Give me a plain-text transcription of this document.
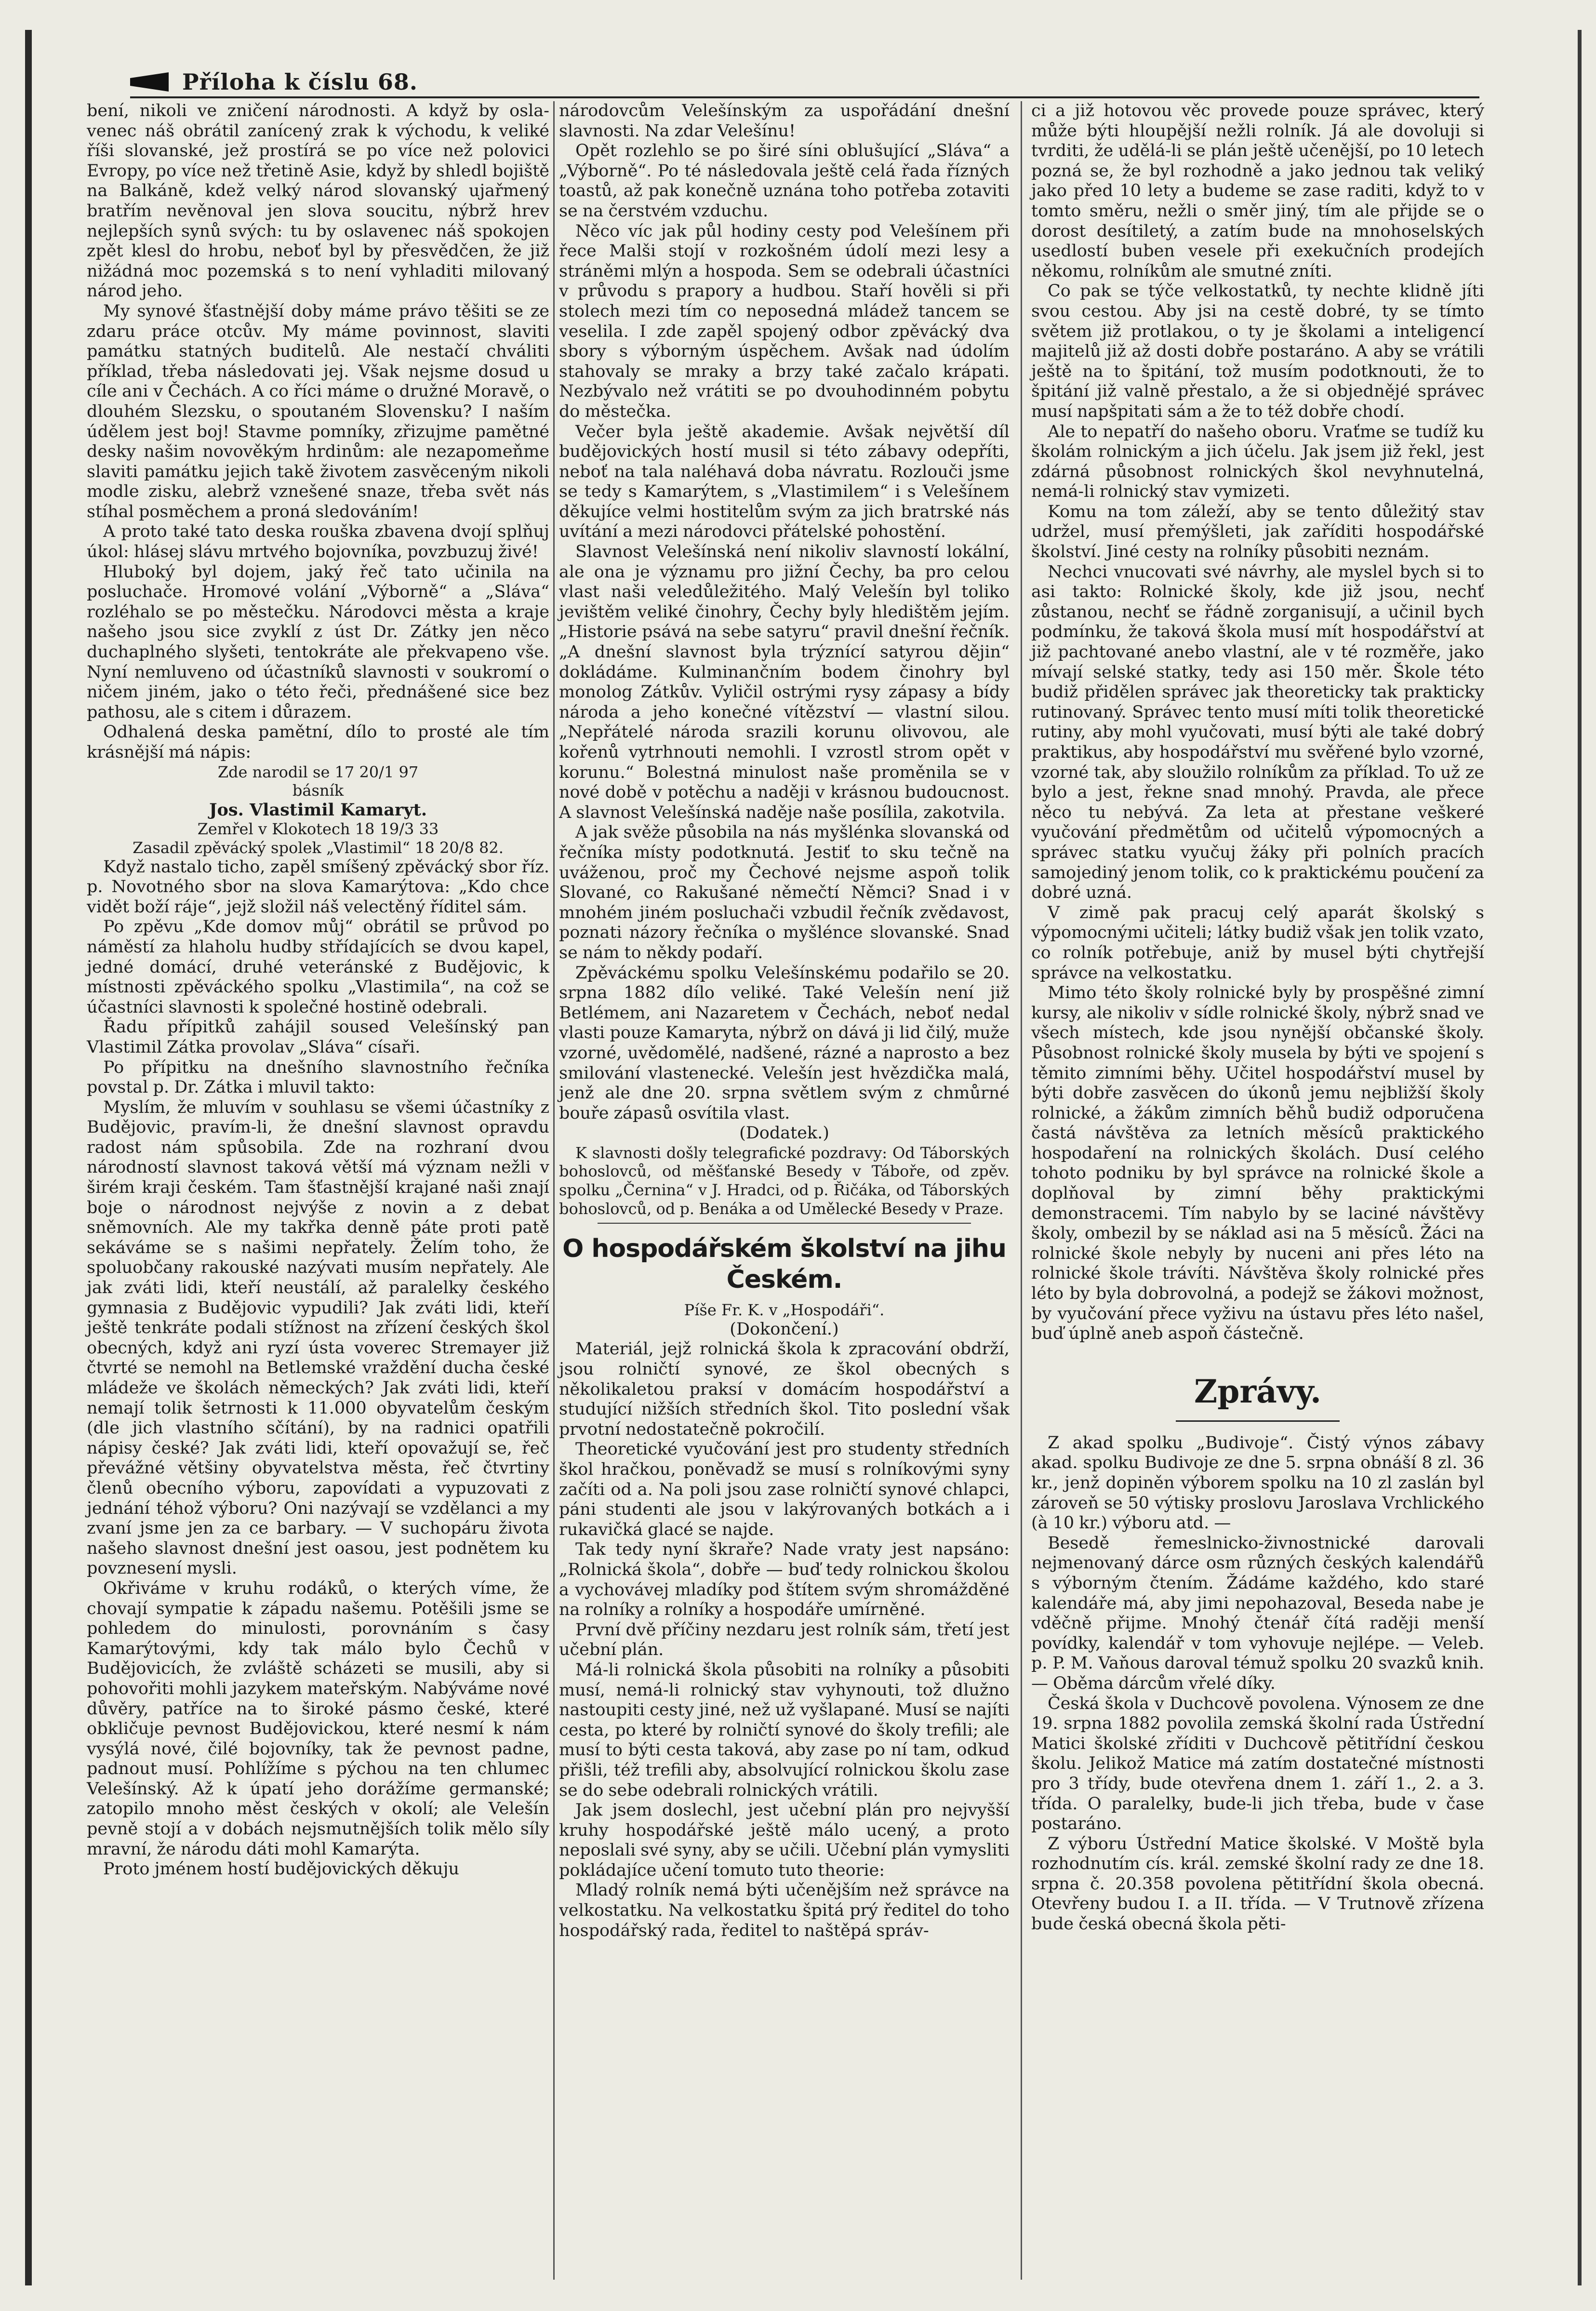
Příloha k číslu 68.

bení, nikoli ve zničení národnosti. A když by osla- venec náš obrátil zanícený zrak k východu, k veliké říši slovanské, jež prostírá se po více než polovici Evropy, po více než třetině Asie, když by shledl bojiště na Balkáně, kdež velký národ slovanský ujařmený bratřím nevěnoval jen slova soucitu, nýbrž hrev nejlepších synů svých: tu by oslavenec náš spokojen zpět klesl do hrobu, neboť byl by přesvědčen, že již nižádná moc pozemská s to není vyhladiti milovaný národ jeho.

My synové šťastnější doby máme právo těšiti se ze zdaru práce otcův. My máme povinnost, slaviti památku statných buditelů. Ale nestačí chváliti příklad, třeba následovati jej. Však nejsme dosud u cíle ani v Čechách. A co říci máme o družné Moravě, o dlouhém Slezsku, o spoutaném Slovensku? I naším údělem jest boj! Stavme pomníky, zřizujme pamětné desky našim novověkým hrdinům: ale nezapomeňme slaviti památku jejich takě životem zasvěceným nikoli modle zisku, alebrž vznešené snaze, třeba svět nás stíhal posměchem a proná sledováním!

A proto také tato deska rouška zbavena dvojí splňuj úkol: hlásej slávu mrtvého bojovníka, povzbuzuj živé!

Hluboký byl dojem, jaký řeč tato učinila na posluchače. Hromové volání „Výborně“ a „Sláva“ rozléhalo se po městečku. Národovci města a kraje našeho jsou sice zvyklí z úst Dr. Zátky jen něco duchaplného slyšeti, tentokráte ale překvapeno vše. Nyní nemluveno od účastníků slavnosti v soukromí o ničem jiném, jako o této řeči, přednášené sice bez pathosu, ale s citem i důrazem.

Odhalená deska pamětní, dílo to prosté ale tím krásnější má nápis:

Zde narodil se 17 20/1 97

básník

Jos. Vlastimil Kamaryt.

Zemřel v Klokotech 18 19/3 33

Zasadil zpěvácký spolek „Vlastimil“ 18 20/8 82.

Když nastalo ticho, zapěl smíšený zpěvácký sbor říz. p. Novotného sbor na slova Kamarýtova: „Kdo chce vidět boží ráje“, jejž složil náš velectěný říditel sám.

Po zpěvu „Kde domov můj“ obrátil se průvod po náměstí za hlaholu hudby střídajících se dvou kapel, jedné domácí, druhé veteránské z Budějovic, k místnosti zpěváckého spolku „Vlastimila“, na což se účastníci slavnosti k společné hostině odebrali.

Řadu přípitků zahájil soused Velešínský pan Vlastimil Zátka provolav „Sláva“ císaři.

Po přípitku na dnešního slavnostního řečníka povstal p. Dr. Zátka i mluvil takto:

Myslím, že mluvím v souhlasu se všemi účastníky z Budějovic, pravím-li, že dnešní slavnost opravdu radost nám spůsobila. Zde na rozhraní dvou národností slavnost taková větší má význam nežli v širém kraji českém. Tam šťastnější krajané naši znají boje o národnost nejvýše z novin a z debat sněmovních. Ale my takřka denně páte proti patě sekáváme se s našimi nepřately. Želím toho, že spoluobčany rakouské nazývati musím nepřately. Ale jak zváti lidi, kteří neustálí, až paralelky českého gymnasia z Budějovic vypudili? Jak zváti lidi, kteří ještě tenkráte podali stížnost na zřízení českých škol obecných, když ani ryzí ústa voverec Stremayer již čtvrté se nemohl na Betlemské vraždění ducha české mládeže ve školách německých? Jak zváti lidi, kteří nemají tolik šetrnosti k 11.000 obyvatelům českým (dle jich vlastního sčítání), by na radnici opatřili nápisy české? Jak zváti lidi, kteří opovažují se, řeč převážné většiny obyvatelstva města, řeč čtvrtiny členů obecního výboru, zapovídati a vypuzovati z jednání téhož výboru? Oni nazývají se vzdělanci a my zvaní jsme jen za ce barbary. — V suchopáru života našeho slavnost dnešní jest oasou, jest podnětem ku povznesení mysli.

Okřiváme v kruhu rodáků, o kterých víme, že chovají sympatie k západu našemu. Potěšili jsme se pohledem do minulosti, porovnáním s časy Kamarýtovými, kdy tak málo bylo Čechů v Budějovicích, že zvláště scházeti se musili, aby si pohovořiti mohli jazykem mateřským. Nabýváme nové důvěry, patříce na to široké pásmo české, které obkličuje pevnost Budějovickou, které nesmí k nám vysýlá nové, čilé bojovníky, tak že pevnost padne, padnout musí. Pohlížíme s pýchou na ten chlumec Velešínský. Až k úpatí jeho dorážíme germanské; zatopilo mnoho měst českých v okolí; ale Velešín pevně stojí a v dobách nejsmutnějších tolik mělo síly mravní, že národu dáti mohl Kamarýta.

Proto jménem hostí budějovických děkuju

národovcům Velešínským za uspořádání dnešní slavnosti. Na zdar Velešínu!

Opět rozlehlo se po širé síni oblušující „Sláva“ a „Výborně“. Po té následovala ještě celá řada řízných toastů, až pak konečně uznána toho potřeba zotaviti se na čerstvém vzduchu.

Něco víc jak půl hodiny cesty pod Velešínem při řece Malši stojí v rozkošném údolí mezi lesy a stráněmi mlýn a hospoda. Sem se odebrali účastníci v průvodu s prapory a hudbou. Staří hověli si při stolech mezi tím co neposedná mládež tancem se veselila. I zde zapěl spojený odbor zpěvácký dva sbory s výborným úspěchem. Avšak nad údolím stahovaly se mraky a brzy také začalo krápati. Nezbývalo než vrátiti se po dvouhodinném pobytu do městečka.

Večer byla ještě akademie. Avšak největší díl budějovických hostí musil si této zábavy odepříti, neboť na tala naléhavá doba návratu. Rozlouči jsme se tedy s Kamarýtem, s „Vlastimilem“ i s Velešínem děkujíce velmi hostitelům svým za jich bratrské nás uvítání a mezi národovci přátelské pohostění.

Slavnost Velešínská není nikoliv slavností lokální, ale ona je významu pro jižní Čechy, ba pro celou vlast naši veledůležitého. Malý Velešín byl tolikо jevištěm veliké činohry, Čechy byly hledištěm jejím. „Historie psává na sebe satyru“ pravil dnešní řečník. „A dnešní slavnost byla trýznící satyrou dějin“ dokládáme. Kulminančním bodem činohry byl monolog Zátkův. Vyličil ostrými rysy zápasy a bídy národa a jeho konečné vítězství — vlastní silou. „Nepřátelé národa srazili korunu olivovou, ale kořenů vytrhnouti nemohli. I vzrostl strom opět v korunu.“ Bolestná minulost naše proměnila se v nové době v potěchu a naději v krásnou budoucnost. A slavnost Velešínská naděje naše posílila, zakotvila.

A jak svěže působila na nás myšlénka slovanská od řečníka místy podotknutá. Jestiť to sku tečně na uváženou, proč my Čechové nejsme aspoň tolik Slované, co Rakušané němečtí Němci? Snad i v mnohém jiném posluchači vzbudil řečník zvědavost, poznati názory řečníka o myšlénce slovanské. Snad se nám to někdy podaří.

Zpěváckému spolku Velešínskému podařilo se 20. srpna 1882 dílo veliké. Také Velešín není již Betlémem, ani Nazaretem v Čechách, neboť nedal vlasti pouze Kamaryta, nýbrž on dává ji lid čilý, muže vzorné, uvědomělé, nadšené, rázné a naprosto a bez smilování vlastenecké. Velešín jest hvězdička malá, jenž ale dne 20. srpna světlem svým z chmůrné bouře zápasů osvítila vlast.

(Dodatek.)

K slavnosti došly telegrafické pozdravy: Od Táborských bohoslovců, od měšťanské Besedy v Táboře, od zpěv. spolku „Černina“ v J. Hradci, od p. Řičáka, od Táborských bohoslovců, od p. Benáka a od Umělecké Besedy v Praze.

O hospodářském školství na jihu Českém.

Píše Fr. K. v „Hospodáři“.

(Dokončení.)

Materiál, jejž rolnická škola k zpracování obdrží, jsou rolničtí synové, ze škol obecných s několikaletou praksí v domácím hospodářství a studující nižších středních škol. Tito poslední však prvotní nedostatečně pokročilí.

Theoretické vyučování jest pro studenty středních škol hračkou, poněvadž se musí s rolníkovými syny začíti od a. Na poli jsou zase rolničtí synové chlapci, páni studenti ale jsou v lakýrovaných botkách a i rukavičká glacé se najde.

Tak tedy nyní škraře? Nade vraty jest napsáno: „Rolnická škola“, dobře — buď tedy rolnickou školou a vychovávej mladíky pod štítem svým shromážděné na rolníky a rolníky a hospodáře umírněné.

První dvě příčiny nezdaru jest rolník sám, třetí jest učební plán.

Má-li rolnická škola působiti na rolníky a působiti musí, nemá-li rolnický stav vyhynouti, tož dlužno nastoupiti cesty jiné, než už vyšlapané. Musí se najíti cesta, po které by rolničtí synové do školy trefili; ale musí to býti cesta taková, aby zase po ní tam, odkud přišli, též trefili aby, absolvující rolnickou školu zase se do sebe odebrali rolnických vrátili.

Jak jsem doslechl, jest učební plán pro nejvyšší kruhy hospodářské ještě málo ucený, a proto neposlali své syny, aby se učili. Učební plán vymysliti pokládajíce učení tomuto tuto theorie:

Mladý rolník nemá býti učenějším než správce na velkostatku. Na velkostatku špitá prý ředitel do toho hospodářský rada, ředitel to naštěpá správ-

ci a již hotovou věc provede pouze správec, který může býti hloupější nežli rolník. Já ale dovoluji si tvrditi, že udělá-li se plán ještě učenější, po 10 letech pozná se, že byl rozhodně a jako jednou tak veliký jako před 10 lety a budeme se zase raditi, když to v tomto směru, nežli o směr jiný, tím ale přijde se o dorost desítiletý, a zatím bude na mnohoselských usedlostí buben vesele při exekučních prodejích někomu, rolníkům ale smutné zníti.

Co pak se týče velkostatků, ty nechte klidně jíti svou cestou. Aby jsi na cestě dobré, ty se tímto světem již protlakou, o ty je školami a inteligencí majitelů již až dosti dobře postaráno. A aby se vrátili ještě na to špitání, tož musím podotknouti, že to špitání již valně přestalo, a že si objednějé správec musí napšpitati sám a že to též dobře chodí.

Ale to nepatří do našeho oboru. Vraťme se tudíž ku školám rolnickým a jich účelu. Jak jsem již řekl, jest zdárná působnost rolnických škol nevyhnutelná, nemá-li rolnický stav vymizeti.

Komu na tom záleží, aby se tento důležitý stav udržel, musí přemýšleti, jak zaříditi hospodářské školství. Jiné cesty na rolníky působiti neznám.

Nechci vnucovati své návrhy, ale myslel bych si to asi takto: Rolnické školy, kde již jsou, nechť zůstanou, nechť se řádně zorganisují, a učinil bych podmínku, že taková škola musí mít hospodářství at již pachtované anebo vlastní, ale v té rozměře, jako mívají selské statky, tedy asi 150 měr. Škole této budiž přidělen správec jak theoreticky tak prakticky rutinovaný. Správec tento musí míti tolik theoretické rutiny, aby mohl vyučovati, musí býti ale také dobrý praktikus, aby hospodářství mu svěřené bylo vzorné, vzorné tak, aby sloužilo rolníkům za příklad. To už ze bylo a jest, řekne snad mnohý. Pravda, ale přece něco tu nebývá. Za leta at přestane veškeré vyučování předmětům od učitelů výpomocných a správec statku vyučuj žáky při polních pracích samojediný jenom tolik, co k praktickému poučení za dobré uzná.

V zimě pak pracuj celý aparát školský s výpomocnými učiteli; látky budiž však jen tolik vzato, co rolník potřebuje, aniž by musel býti chytřejší správce na velkostatku.

Mimo této školy rolnické byly by prospěšné zimní kursy, ale nikoliv v sídle rolnické školy, nýbrž snad ve všech místech, kde jsou nynější občanské školy. Působnost rolnické školy musela by býti ve spojení s těmito zimními běhy. Učitel hospodářství musel by býti dobře zasvěcen do úkonů jemu nejbližší školy rolnické, a žákům zimních běhů budiž odporučena častá návštěva za letních měsíců praktického hospodaření na rolnických školách. Dusí celého tohoto podniku by byl správce na rolnické škole a doplňoval by zimní běhy praktickými demonstracemi. Tím nabylo by se laciné návštěvy školy, ombezil by se náklad asi na 5 měsíců. Žáci na rolnické škole nebyly by nuceni ani přes léto na rolnické škole trávíti. Návštěva školy rolnické přes léto by byla dobrovolná, a podejž se žákovi možnost, by vyučování přece vyživu na ústavu přes léto našel, buď úplně aneb aspoň částečně.

Zprávy.

Z akad spolku „Budivoje“. Čistý výnos zábavy akad. spolku Budivoje ze dne 5. srpna obnáší 8 zl. 36 kr., jenž dopiněn výborem spolku na 10 zl zaslán byl zároveň se 50 výtisky proslovu Jaroslava Vrchlického (à 10 kr.) výboru atd. —

Besedě řemeslnicko-živnostnické darovali nejmenovaný dárce osm různých českých kalendářů s výborným čtením. Žádáme každého, kdo staré kalendáře má, aby jimi nepohazoval, Beseda nabe je vděčně přijme. Mnohý čtenář čítá raději menší povídky, kalendář v tom vyhovuje nejlépe. — Veleb. p. P. M. Vaňous daroval témuž spolku 20 svazků knih. — Oběma dárcům vřelé díky.

Česká škola v Duchcově povolena. Výnosem ze dne 19. srpna 1882 povolila zemská školní rada Ústřední Matici školské zříditi v Duchcově pětitřídní českou školu. Jelikož Matice má zatím dostatečné místnosti pro 3 třídy, bude otevřena dnem 1. září 1., 2. a 3. třída. O paralelky, bude-li jich třeba, bude v čase postaráno.

Z výboru Ústřední Matice školské. V Moště byla rozhodnutím cís. král. zemské školní rady ze dne 18. srpna č. 20.358 povolena pětitřídní škola obecná. Otevřeny budou I. a II. třída. — V Trutnově zřízena bude česká obecná škola pěti-
